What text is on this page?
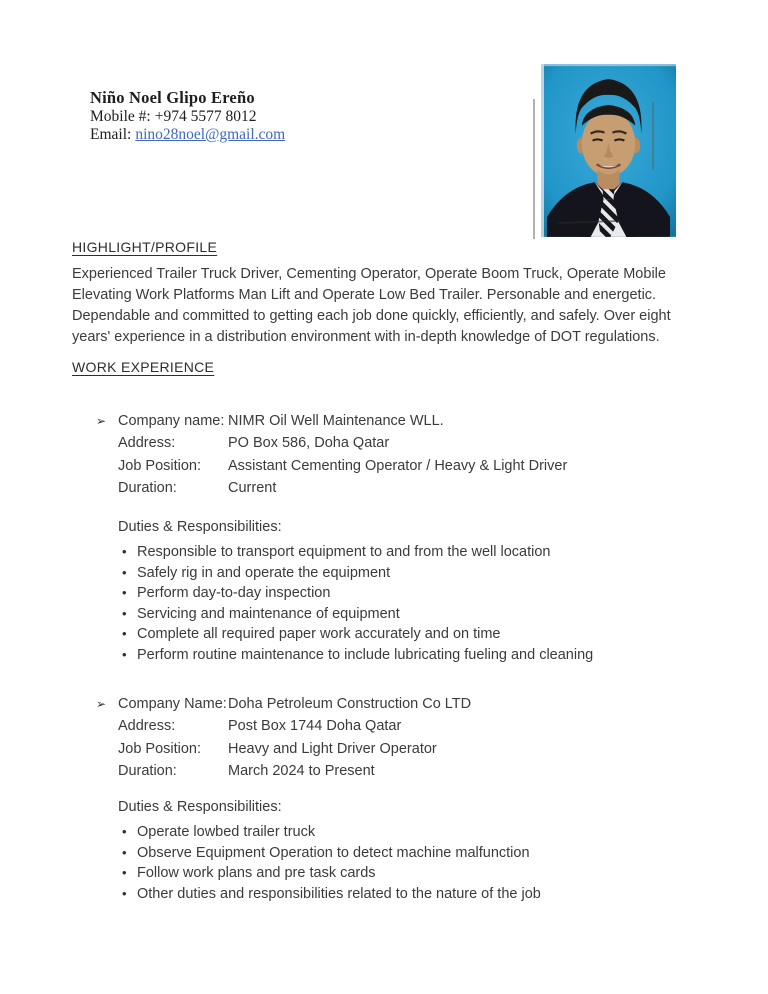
Niño Noel Glipo Ereño
Mobile #: +974 5577 8012
Email: nino28noel@gmail.com
HIGHLIGHT/PROFILE
Experienced Trailer Truck Driver, Cementing Operator, Operate Boom Truck, Operate Mobile
Elevating Work Platforms Man Lift and Operate Low Bed Trailer. Personable and energetic.
Dependable and committed to getting each job done quickly, efficiently, and safely. Over eight
years' experience in a distribution environment with in-depth knowledge of DOT regulations.
WORK EXPERIENCE
➢ Company name: NIMR Oil Well Maintenance WLL.
Address:	PO Box 586, Doha Qatar
Job Position:	Assistant Cementing Operator / Heavy & Light Driver
Duration:	Current
Duties & Responsibilities:
• Responsible to transport equipment to and from the well location
• Safely rig in and operate the equipment
• Perform day-to-day inspection
• Servicing and maintenance of equipment
• Complete all required paper work accurately and on time
• Perform routine maintenance to include lubricating fueling and cleaning
➢ Company Name: Doha Petroleum Construction Co LTD
Address:	Post Box 1744 Doha Qatar
Job Position:	Heavy and Light Driver Operator
Duration:	March 2024 to Present
Duties & Responsibilities:
• Operate lowbed trailer truck
• Observe Equipment Operation to detect machine malfunction
• Follow work plans and pre task cards
• Other duties and responsibilities related to the nature of the job
